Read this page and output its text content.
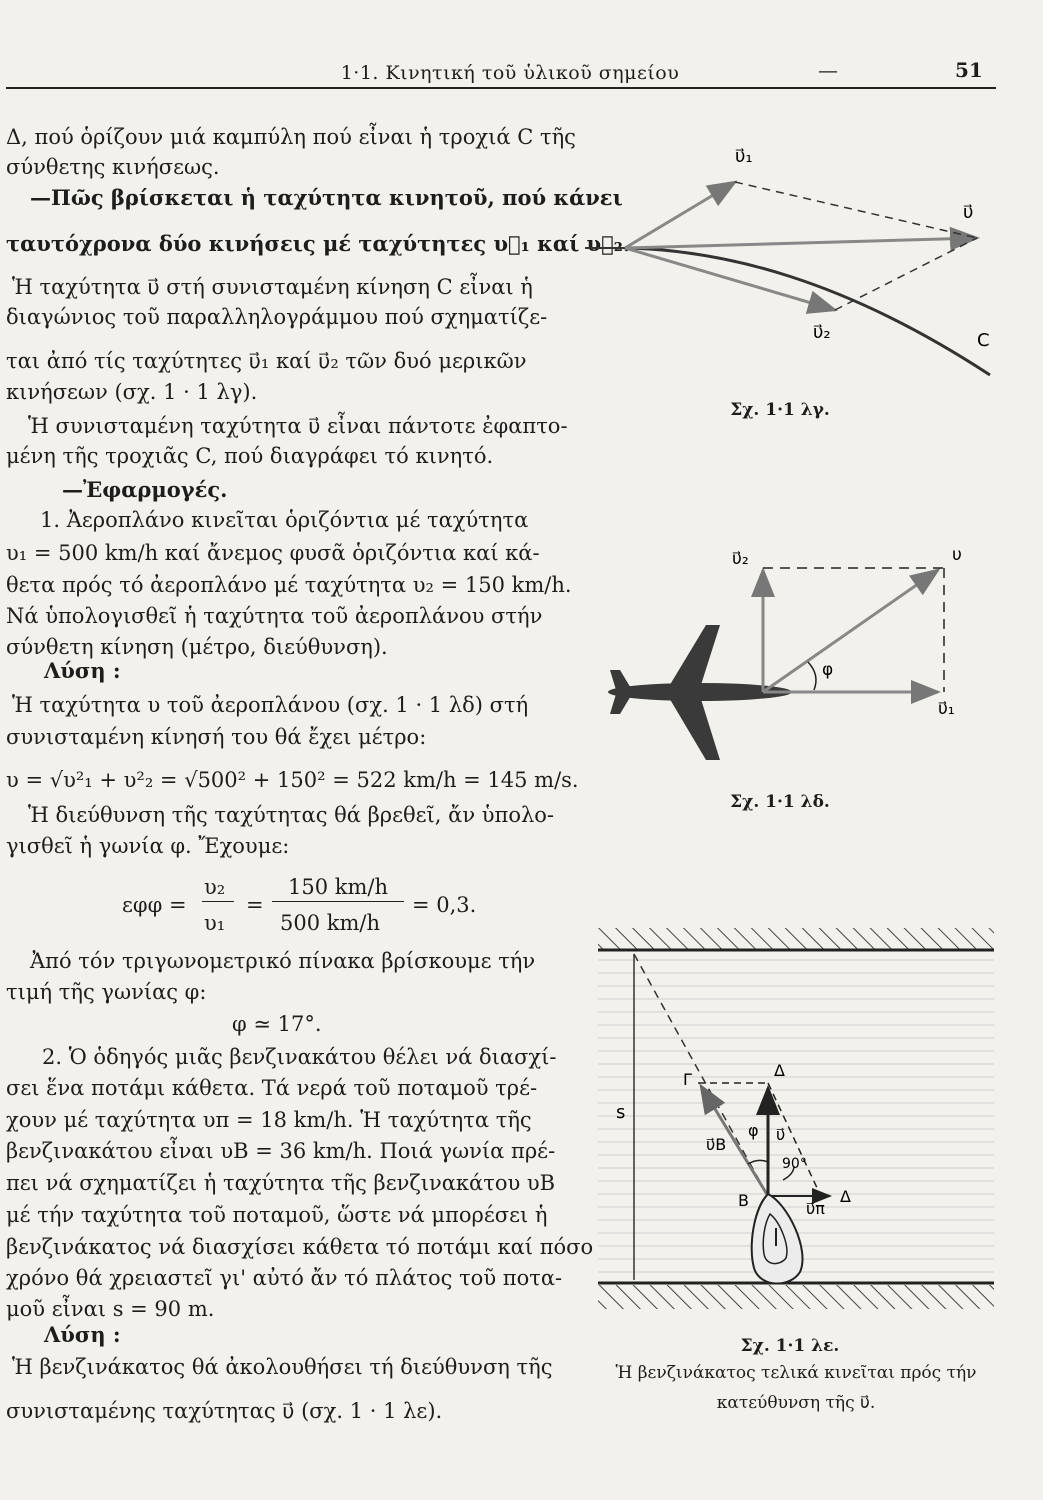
1·1. Κινητική τοῦ ὑλικοῦ σημείου	—	51
Δ, πού ὁρίζουν μιά καμπύλη πού εἶναι ἡ τροχιά C τῆς
σύνθετης κινήσεως.
—Πῶς βρίσκεται ἡ ταχύτητα κινητοῦ, πού κάνει
ταυτόχρονα δύο κινήσεις μέ ταχύτητες υ⃗₁ καί υ⃗₂.
Ἡ ταχύτητα υ⃗ στή συνισταμένη κίνηση C εἶναι ἡ
διαγώνιος τοῦ παραλληλογράμμου πού σχηματίζε-
ται ἀπό τίς ταχύτητες υ⃗₁ καί υ⃗₂ τῶν δυό μερικῶν
κινήσεων (σχ. 1 · 1 λγ).
Ἡ συνισταμένη ταχύτητα υ⃗ εἶναι πάντοτε ἐφαπτο-
μένη τῆς τροχιᾶς C, πού διαγράφει τό κινητό.
—Ἐφαρμογές.
1. Ἀεροπλάνο κινεῖται ὁριζόντια μέ ταχύτητα
υ₁ = 500 km/h καί ἄνεμος φυσᾶ ὁριζόντια καί κά-
θετα πρός τό ἀεροπλάνο μέ ταχύτητα υ₂ = 150 km/h.
Νά ὑπολογισθεῖ ἡ ταχύτητα τοῦ ἀεροπλάνου στήν
σύνθετη κίνηση (μέτρο, διεύθυνση).
Λύση :
Ἡ ταχύτητα υ τοῦ ἀεροπλάνου (σχ. 1 · 1 λδ) στή
συνισταμένη κίνησή του θά ἔχει μέτρο:
υ = √υ²₁ + υ²₂ = √500² + 150² = 522 km/h = 145 m/s.
Ἡ διεύθυνση τῆς ταχύτητας θά βρεθεῖ, ἄν ὑπολο-
γισθεῖ ἡ γωνία φ. Ἔχουμε:
εφφ =
υ₂
υ₁
=
150 km/h
500 km/h
= 0,3.
Ἀπό τόν τριγωνομετρικό πίνακα βρίσκουμε τήν
τιμή τῆς γωνίας φ:
φ ≃ 17°.
2. Ὁ ὁδηγός μιᾶς βενζινακάτου θέλει νά διασχί-
σει ἕνα ποτάμι κάθετα. Τά νερά τοῦ ποταμοῦ τρέ-
χουν μέ ταχύτητα υπ = 18 km/h. Ἡ ταχύτητα τῆς
βενζινακάτου εἶναι υΒ = 36 km/h. Ποιά γωνία πρέ-
πει νά σχηματίζει ἡ ταχύτητα τῆς βενζινακάτου υΒ
μέ τήν ταχύτητα τοῦ ποταμοῦ, ὥστε νά μπορέσει ἡ
βενζινάκατος νά διασχίσει κάθετα τό ποτάμι καί πόσο
χρόνο θά χρειαστεῖ γι' αὐτό ἄν τό πλάτος τοῦ ποτα-
μοῦ εἶναι s = 90 m.
Λύση :
Ἡ βενζινάκατος θά ἀκολουθήσει τή διεύθυνση τῆς
συνισταμένης ταχύτητας υ⃗ (σχ. 1 · 1 λε).
υ⃗₁
υ⃗
υ⃗₂	C
Σχ. 1·1 λγ.
υ⃗₂	υ
φ
υ⃗₁
Σχ. 1·1 λδ.
Γ	Δ
s
φ
υ⃗Β
υ⃗
90°
Β	υ⃗π
Δ
Σχ. 1·1 λε.
Ἡ βενζινάκατος τελικά κινεῖται πρός τήν
κατεύθυνση τῆς υ⃗.
